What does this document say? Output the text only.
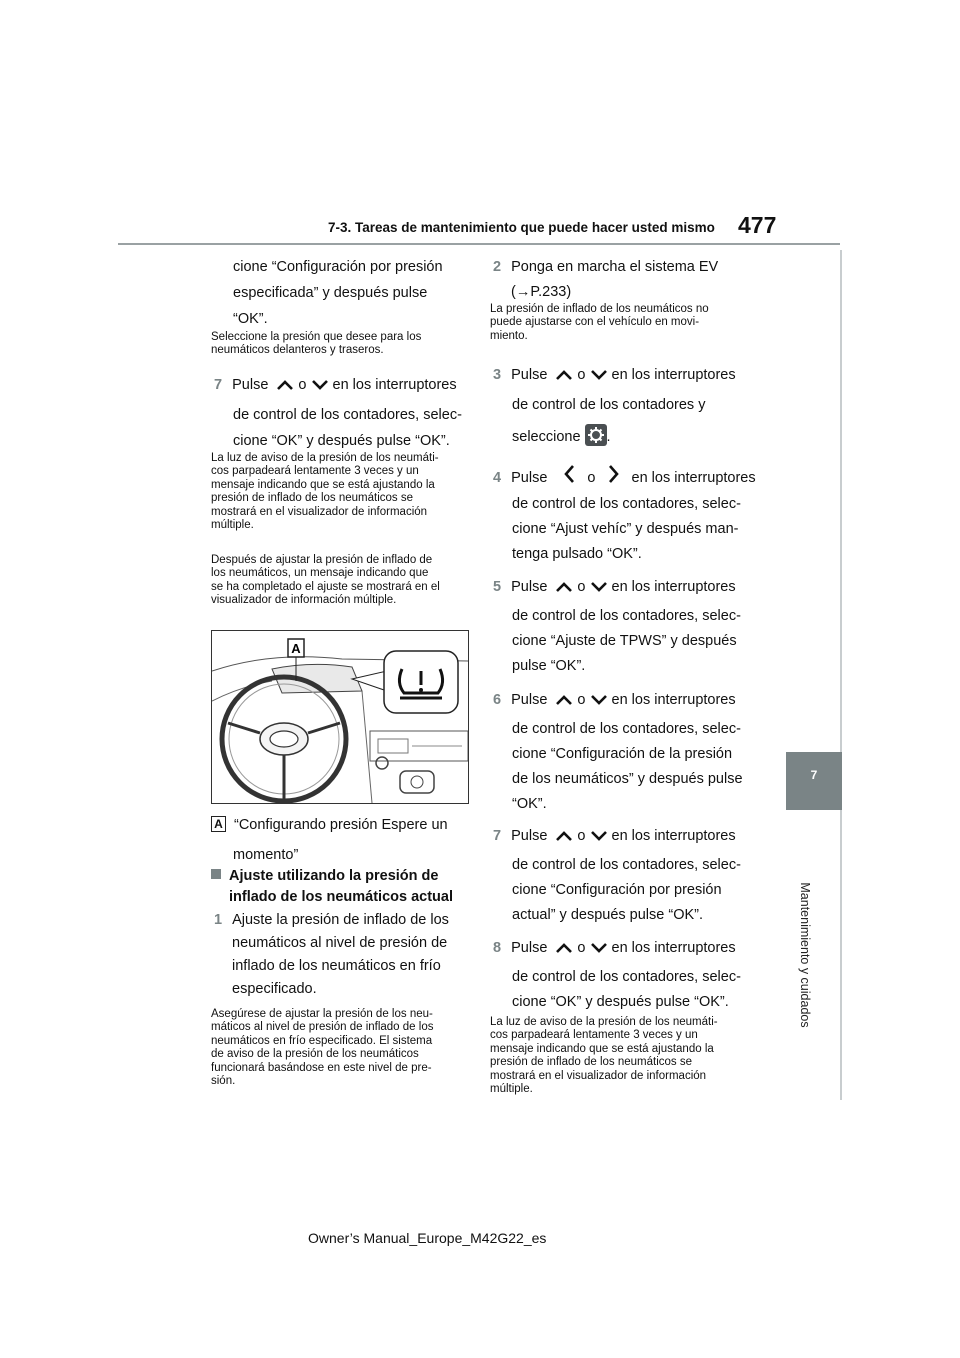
7-3. Tareas de mantenimiento que puede hacer usted mismo 477
7
Mantenimiento y cuidados
cione “Configuración por presión
especificada” y después pulse
“OK”.
Seleccione la presión que desee para los
neumáticos delanteros y traseros.
7 Pulse o en los interruptores
de control de los contadores, selec-
cione “OK” y después pulse “OK”.
La luz de aviso de la presión de los neumáti-
cos parpadeará lentamente 3 veces y un
mensaje indicando que se está ajustando la
presión de inflado de los neumáticos se
mostrará en el visualizador de información
múltiple.
Después de ajustar la presión de inflado de
los neumáticos, un mensaje indicando que
se ha completado el ajuste se mostrará en el
visualizador de información múltiple.
A
A “Configurando presión Espere un
momento”
Ajuste utilizando la presión de
inflado de los neumáticos actual
1 Ajuste la presión de inflado de los
neumáticos al nivel de presión de
inflado de los neumáticos en frío
especificado.
Asegúrese de ajustar la presión de los neu-
máticos al nivel de presión de inflado de los
neumáticos en frío especificado. El sistema
de aviso de la presión de los neumáticos
funcionará basándose en este nivel de pre-
sión.
2 Ponga en marcha el sistema EV
(→P.233)
La presión de inflado de los neumáticos no
puede ajustarse con el vehículo en movi-
miento.
3 Pulse o en los interruptores
de control de los contadores y
seleccione .
4 Pulse	o en los interruptores
de control de los contadores, selec-
cione “Ajust vehíc” y después man-
tenga pulsado “OK”.
5 Pulse o en los interruptores
de control de los contadores, selec-
cione “Ajuste de TPWS” y después
pulse “OK”.
6 Pulse o en los interruptores
de control de los contadores, selec-
cione “Configuración de la presión
de los neumáticos” y después pulse
“OK”.
7 Pulse o en los interruptores
de control de los contadores, selec-
cione “Configuración por presión
actual” y después pulse “OK”.
8 Pulse o en los interruptores
de control de los contadores, selec-
cione “OK” y después pulse “OK”.
La luz de aviso de la presión de los neumáti-
cos parpadeará lentamente 3 veces y un
mensaje indicando que se está ajustando la
presión de inflado de los neumáticos se
mostrará en el visualizador de información
múltiple.
Owner’s Manual_Europe_M42G22_es
